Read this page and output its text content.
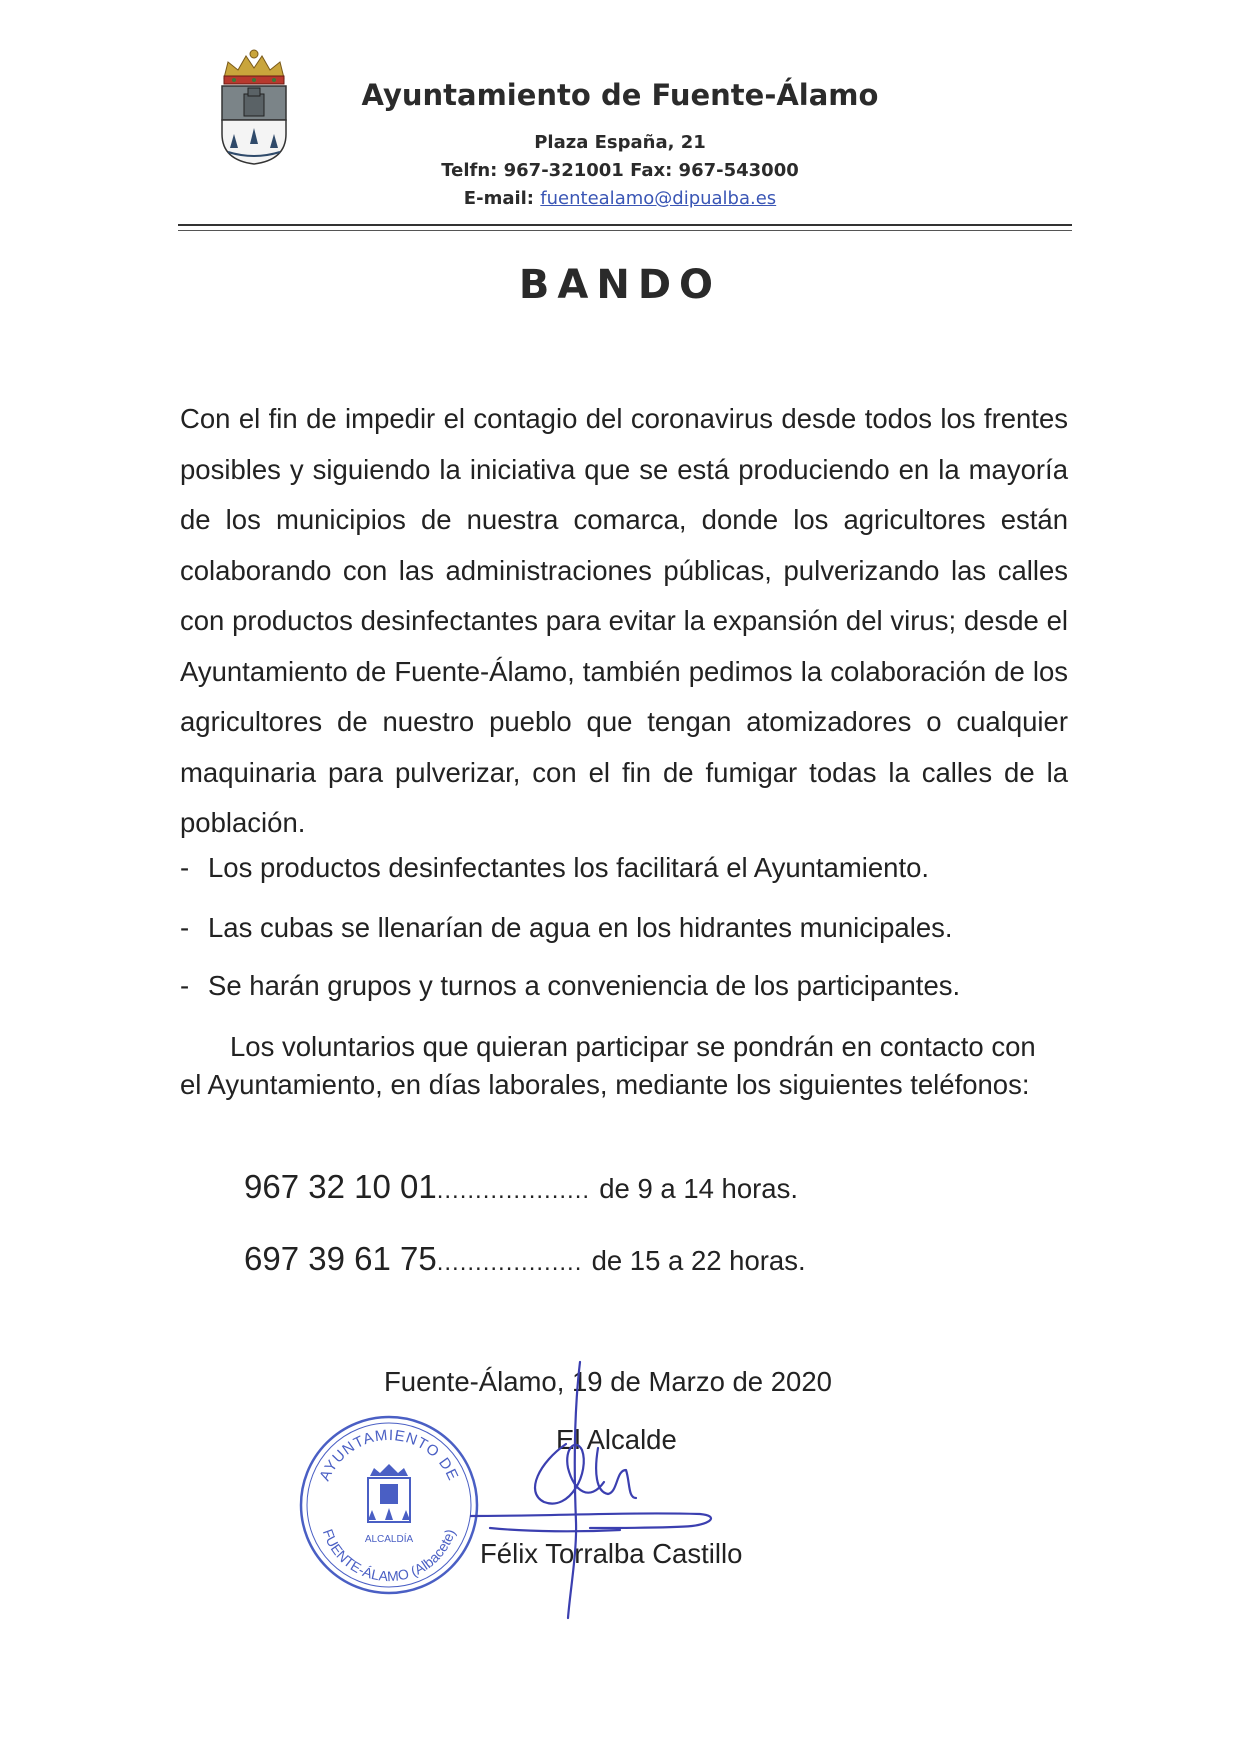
Ayuntamiento de Fuente-Álamo
Plaza España, 21
Telfn: 967-321001 Fax: 967-543000
E-mail: fuentealamo@dipualba.es
BANDO
Con el fin de impedir el contagio del coronavirus desde todos los frentes posibles y siguiendo la iniciativa que se está produciendo en la mayoría de los municipios de nuestra comarca, donde los agricultores están colaborando con las administraciones públicas, pulverizando las calles con productos desinfectantes para evitar la expansión del virus; desde el Ayuntamiento de Fuente-Álamo, también pedimos la colaboración de los agricultores de nuestro pueblo que tengan atomizadores o cualquier maquinaria para pulverizar, con el fin de fumigar todas la calles de la población.
- Los productos desinfectantes los facilitará el Ayuntamiento.
- Las cubas se llenarían de agua en los hidrantes municipales.
- Se harán grupos y turnos a conveniencia de los participantes.
Los voluntarios que quieran participar se pondrán en contacto con el Ayuntamiento, en días laborales, mediante los siguientes teléfonos:
967 32 10 01.................... de 9 a 14 horas.
697 39 61 75................... de 15 a 22 horas.
Fuente-Álamo, 19 de Marzo de 2020
El Alcalde
Félix Torralba Castillo
AYUNTAMIENTO DE
FUENTE-ÁLAMO (Albacete)
ALCALDÍA
